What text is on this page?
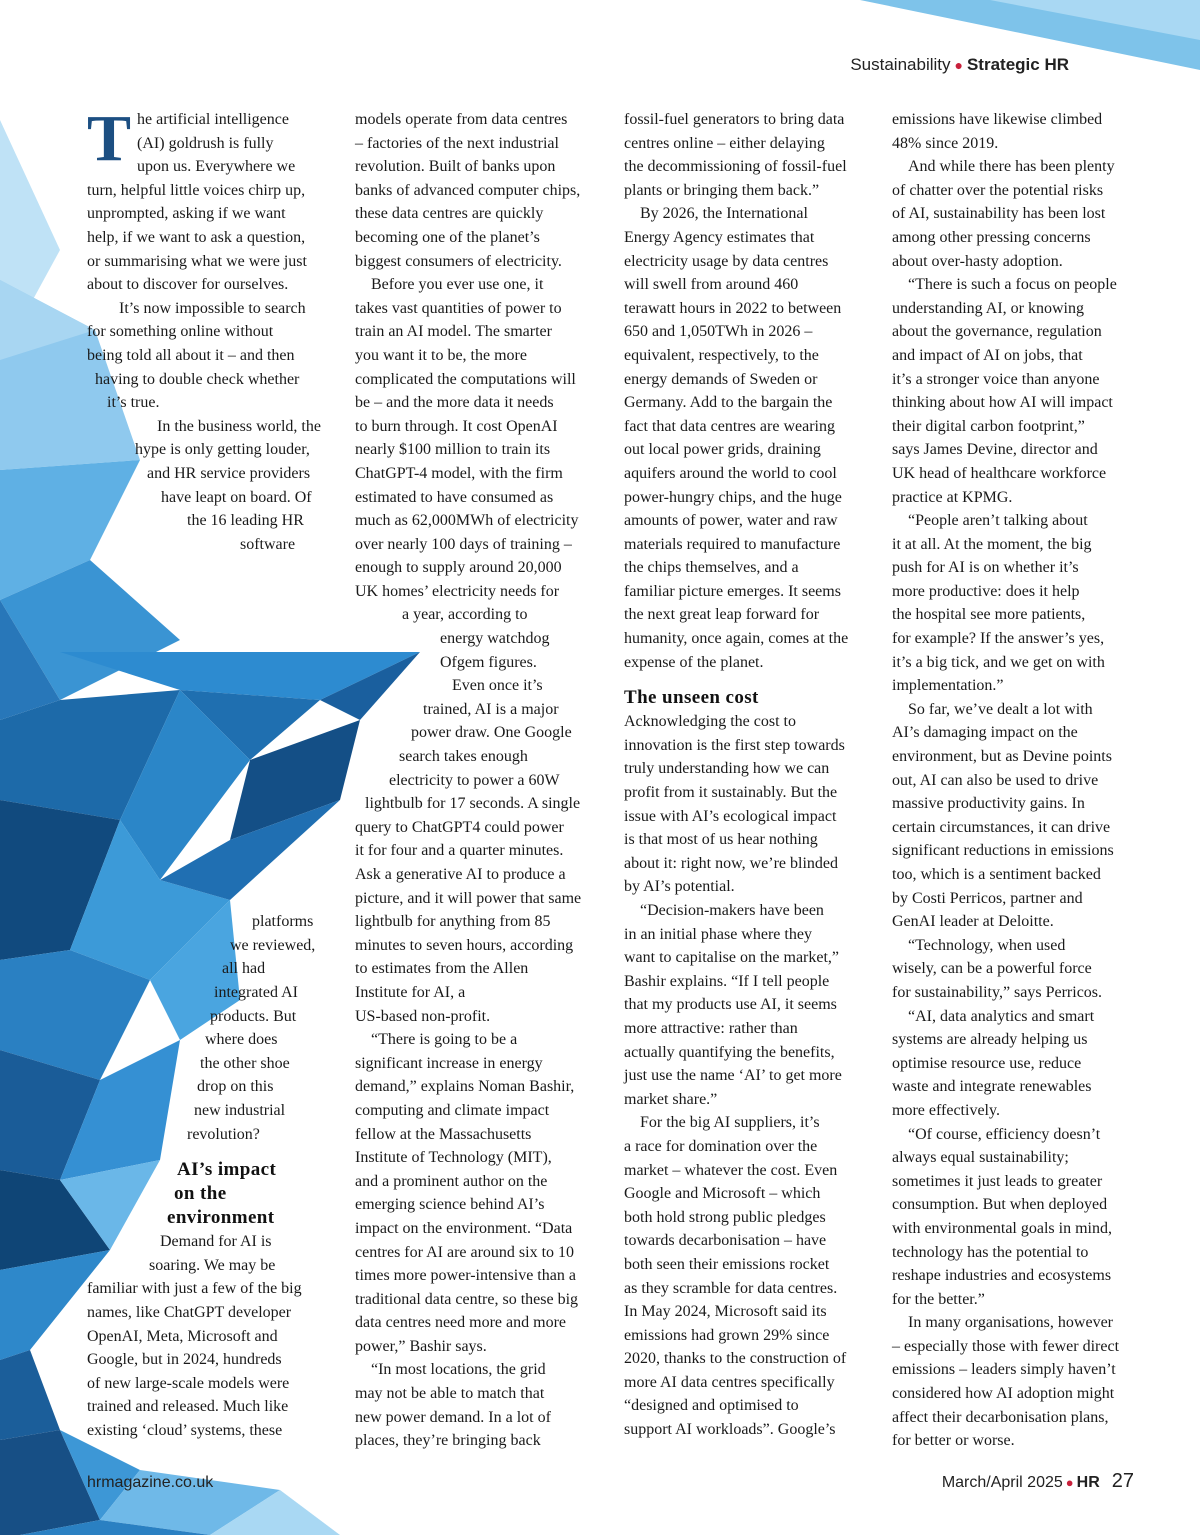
Sustainability ● Strategic HR
T he artificial intelligence
(AI) goldrush is fully
upon us. Everywhere we
turn, helpful little voices chirp up,
unprompted, asking if we want
help, if we want to ask a question,
or summarising what we were just
about to discover for ourselves.
It’s now impossible to search
for something online without
being told all about it – and then
having to double check whether
it’s true.
In the business world, the
hype is only getting louder,
and HR service providers
have leapt on board. Of
the 16 leading HR
software
platforms
we reviewed,
all had
integrated AI
products. But
where does
the other shoe
drop on this
new industrial
revolution?
AI’s impact
on the
environment
Demand for AI is
soaring. We may be
familiar with just a few of the big
names, like ChatGPT developer
OpenAI, Meta, Microsoft and
Google, but in 2024, hundreds
of new large-scale models were
trained and released. Much like
existing ‘cloud’ systems, these
models operate from data centres
– factories of the next industrial
revolution. Built of banks upon
banks of advanced computer chips,
these data centres are quickly
becoming one of the planet’s
biggest consumers of electricity.
Before you ever use one, it
takes vast quantities of power to
train an AI model. The smarter
you want it to be, the more
complicated the computations will
be – and the more data it needs
to burn through. It cost OpenAI
nearly $100 million to train its
ChatGPT-4 model, with the firm
estimated to have consumed as
much as 62,000MWh of electricity
over nearly 100 days of training –
enough to supply around 20,000
UK homes’ electricity needs for
a year, according to
energy watchdog
Ofgem figures.
Even once it’s
trained, AI is a major
power draw. One Google
search takes enough
electricity to power a 60W
lightbulb for 17 seconds. A single
query to ChatGPT4 could power
it for four and a quarter minutes.
Ask a generative AI to produce a
picture, and it will power that same
lightbulb for anything from 85
minutes to seven hours, according
to estimates from the Allen
Institute for AI, a
US-based non-profit.
“There is going to be a
significant increase in energy
demand,” explains Noman Bashir,
computing and climate impact
fellow at the Massachusetts
Institute of Technology (MIT),
and a prominent author on the
emerging science behind AI’s
impact on the environment. “Data
centres for AI are around six to 10
times more power-intensive than a
traditional data centre, so these big
data centres need more and more
power,” Bashir says.
“In most locations, the grid
may not be able to match that
new power demand. In a lot of
places, they’re bringing back
fossil-fuel generators to bring data
centres online – either delaying
the decommissioning of fossil-fuel
plants or bringing them back.”
By 2026, the International
Energy Agency estimates that
electricity usage by data centres
will swell from around 460
terawatt hours in 2022 to between
650 and 1,050TWh in 2026 –
equivalent, respectively, to the
energy demands of Sweden or
Germany. Add to the bargain the
fact that data centres are wearing
out local power grids, draining
aquifers around the world to cool
power-hungry chips, and the huge
amounts of power, water and raw
materials required to manufacture
the chips themselves, and a
familiar picture emerges. It seems
the next great leap forward for
humanity, once again, comes at the
expense of the planet.
The unseen cost
Acknowledging the cost to
innovation is the first step towards
truly understanding how we can
profit from it sustainably. But the
issue with AI’s ecological impact
is that most of us hear nothing
about it: right now, we’re blinded
by AI’s potential.
“Decision-makers have been
in an initial phase where they
want to capitalise on the market,”
Bashir explains. “If I tell people
that my products use AI, it seems
more attractive: rather than
actually quantifying the benefits,
just use the name ‘AI’ to get more
market share.”
For the big AI suppliers, it’s
a race for domination over the
market – whatever the cost. Even
Google and Microsoft – which
both hold strong public pledges
towards decarbonisation – have
both seen their emissions rocket
as they scramble for data centres.
In May 2024, Microsoft said its
emissions had grown 29% since
2020, thanks to the construction of
more AI data centres specifically
“designed and optimised to
support AI workloads”. Google’s
emissions have likewise climbed
48% since 2019.
And while there has been plenty
of chatter over the potential risks
of AI, sustainability has been lost
among other pressing concerns
about over-hasty adoption.
“There is such a focus on people
understanding AI, or knowing
about the governance, regulation
and impact of AI on jobs, that
it’s a stronger voice than anyone
thinking about how AI will impact
their digital carbon footprint,”
says James Devine, director and
UK head of healthcare workforce
practice at KPMG.
“People aren’t talking about
it at all. At the moment, the big
push for AI is on whether it’s
more productive: does it help
the hospital see more patients,
for example? If the answer’s yes,
it’s a big tick, and we get on with
implementation.”
So far, we’ve dealt a lot with
AI’s damaging impact on the
environment, but as Devine points
out, AI can also be used to drive
massive productivity gains. In
certain circumstances, it can drive
significant reductions in emissions
too, which is a sentiment backed
by Costi Perricos, partner and
GenAI leader at Deloitte.
“Technology, when used
wisely, can be a powerful force
for sustainability,” says Perricos.
“AI, data analytics and smart
systems are already helping us
optimise resource use, reduce
waste and integrate renewables
more effectively.
“Of course, efficiency doesn’t
always equal sustainability;
sometimes it just leads to greater
consumption. But when deployed
with environmental goals in mind,
technology has the potential to
reshape industries and ecosystems
for the better.”
In many organisations, however
– especially those with fewer direct
emissions – leaders simply haven’t
considered how AI adoption might
affect their decarbonisation plans,
for better or worse.
hrmagazine.co.uk	March/April 2025 ● HR 27
